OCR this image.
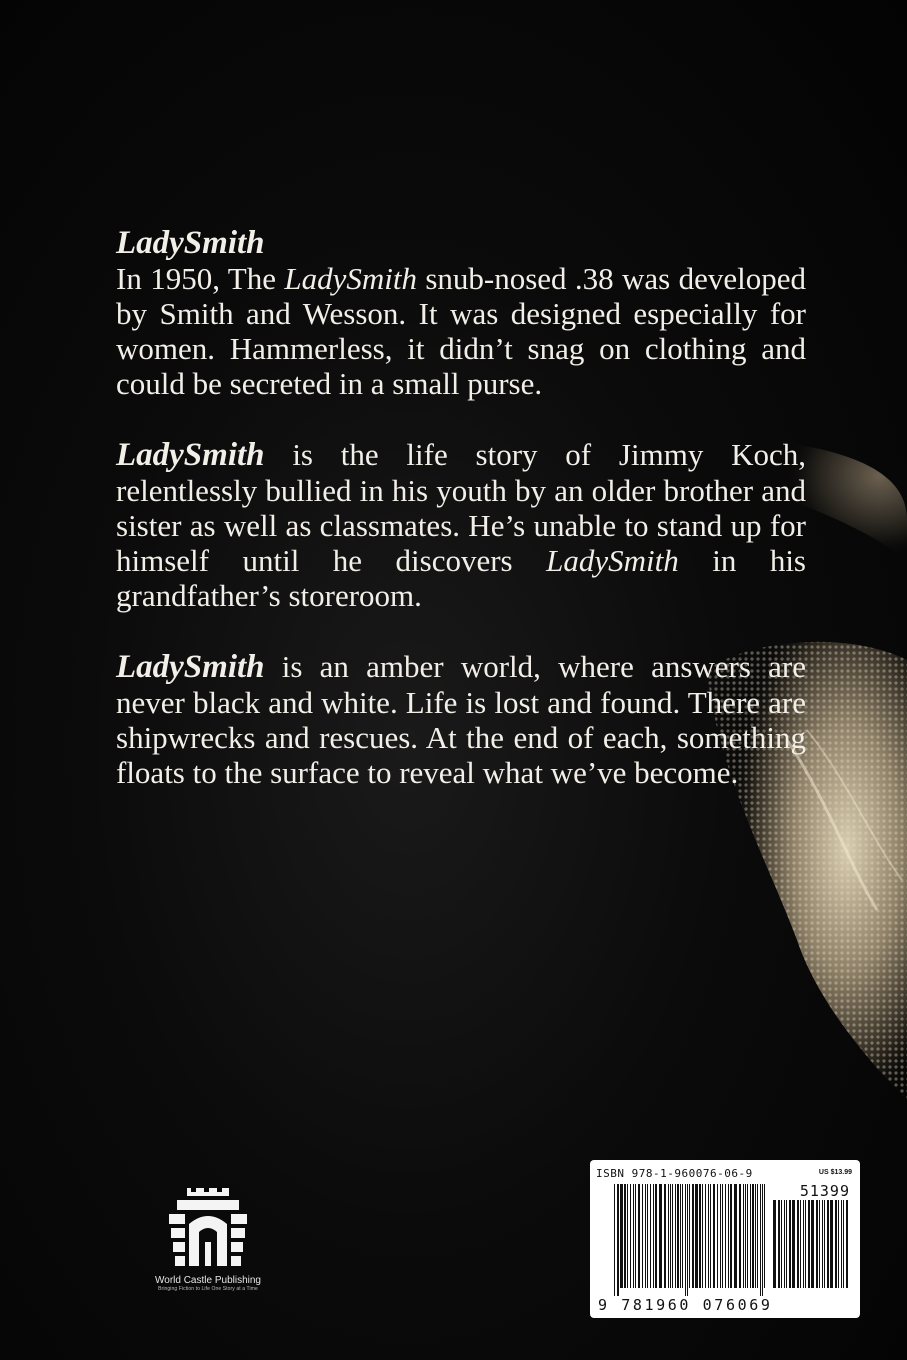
LadySmith
In 1950, The LadySmith snub-nosed .38 was developed by Smith and Wesson. It was designed especially for women. Hammerless, it didn’t snag on clothing and could be secreted in a small purse.

LadySmith is the life story of Jimmy Koch, relentlessly bullied in his youth by an older brother and sister as well as classmates. He’s unable to stand up for himself until he discovers LadySmith in his grandfather’s storeroom.

LadySmith is an amber world, where answers are never black and white. Life is lost and found. There are shipwrecks and rescues. At the end of each, something floats to the surface to reveal what we’ve become.

World Castle Publishing
Bringing Fiction to Life One Story at a Time
ISBN 978-1-960076-06-9	US $13.99
51399
9 781960 076069
